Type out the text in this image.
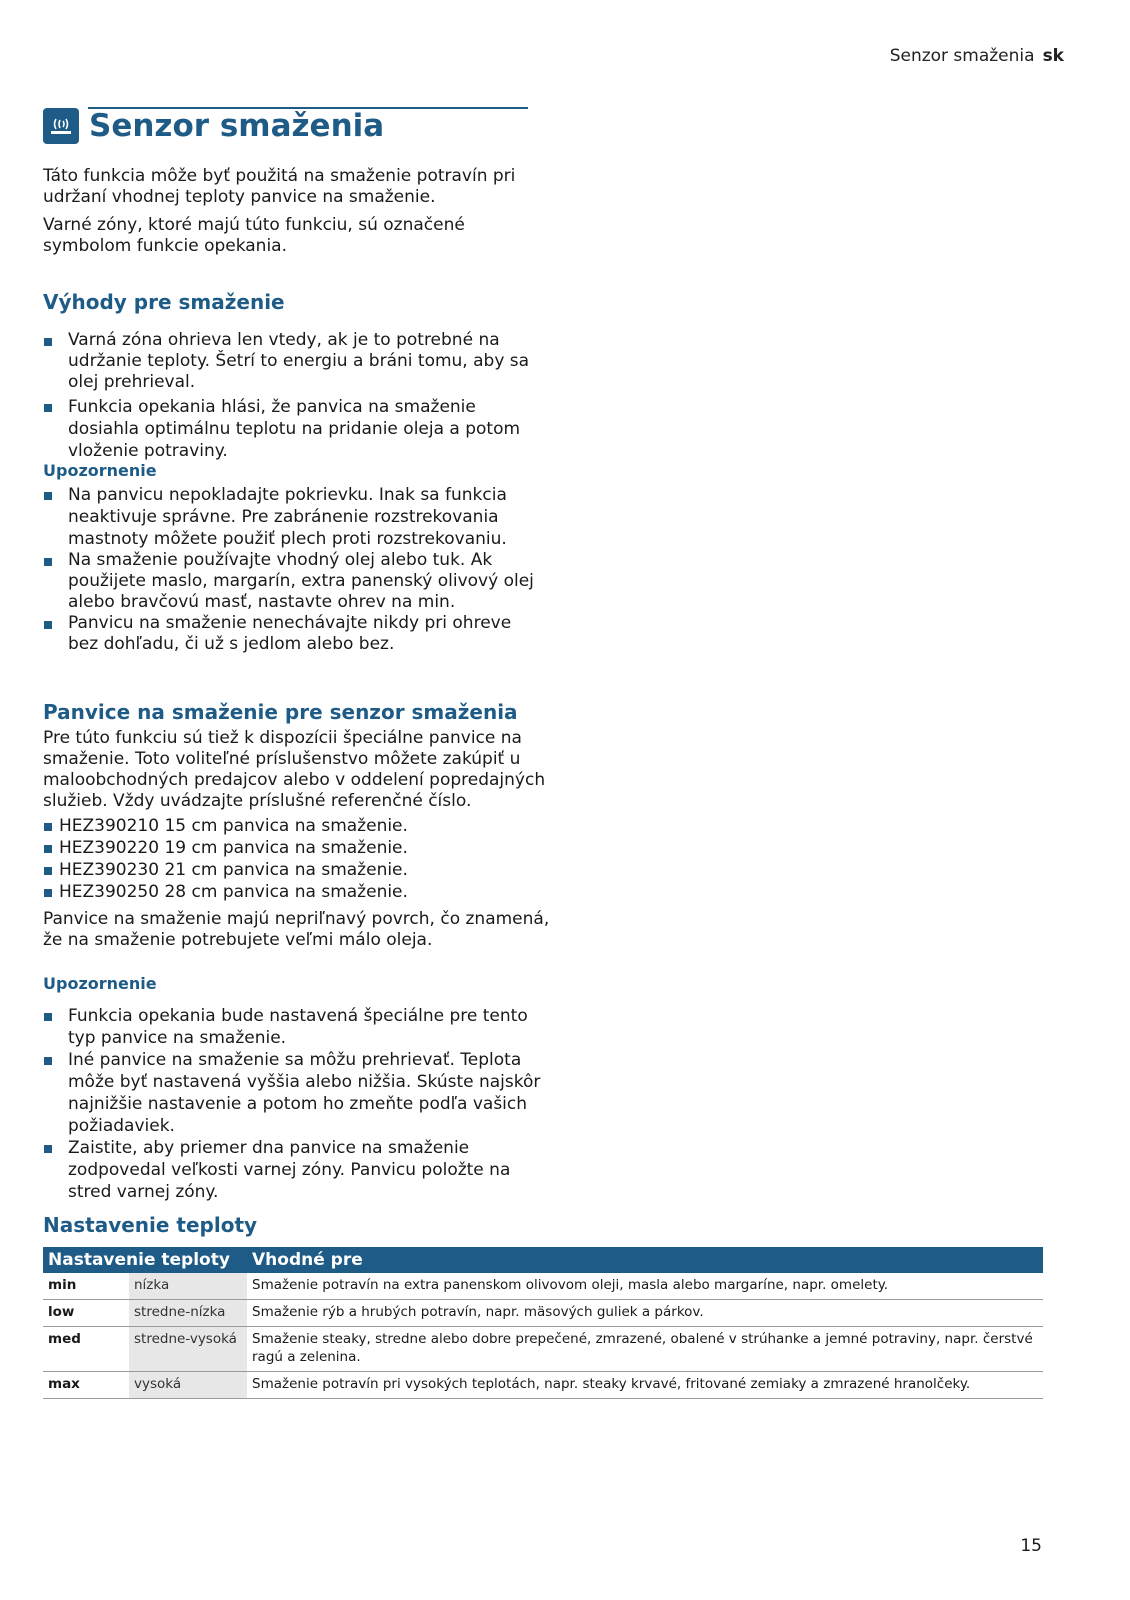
Senzor smaženia sk
Senzor smaženia

Táto funkcia môže byť použitá na smaženie potravín pri udržaní vhodnej teploty panvice na smaženie.

Varné zóny, ktoré majú túto funkciu, sú označené symbolom funkcie opekania.

Výhody pre smaženie
Varná zóna ohrieva len vtedy, ak je to potrebné na udržanie teploty. Šetrí to energiu a bráni tomu, aby sa olej prehrieval.
Funkcia opekania hlási, že panvica na smaženie dosiahla optimálnu teplotu na pridanie oleja a potom vloženie potraviny.
Upozornenie
Na panvicu nepokladajte pokrievku. Inak sa funkcia neaktivuje správne. Pre zabránenie rozstrekovania mastnoty môžete použiť plech proti rozstrekovaniu.
Na smaženie používajte vhodný olej alebo tuk. Ak použijete maslo, margarín, extra panenský olivový olej alebo bravčovú masť, nastavte ohrev na min.
Panvicu na smaženie nenechávajte nikdy pri ohreve bez dohľadu, či už s jedlom alebo bez.
Panvice na smaženie pre senzor smaženia

Pre túto funkciu sú tiež k dispozícii špeciálne panvice na smaženie. Toto voliteľné príslušenstvo môžete zakúpiť u maloobchodných predajcov alebo v oddelení popredajných služieb. Vždy uvádzajte príslušné referenčné číslo.

HEZ390210 15 cm panvica na smaženie.
HEZ390220 19 cm panvica na smaženie.
HEZ390230 21 cm panvica na smaženie.
HEZ390250 28 cm panvica na smaženie.

Panvice na smaženie majú nepriľnavý povrch, čo znamená, že na smaženie potrebujete veľmi málo oleja.

Upozornenie
Funkcia opekania bude nastavená špeciálne pre tento typ panvice na smaženie.
Iné panvice na smaženie sa môžu prehrievať. Teplota môže byť nastavená vyššia alebo nižšia. Skúste najskôr najnižšie nastavenie a potom ho zmeňte podľa vašich požiadaviek.
Zaistite, aby priemer dna panvice na smaženie zodpovedal veľkosti varnej zóny. Panvicu položte na stred varnej zóny.
Nastavenie teploty
Nastavenie teploty		Vhodné pre
min	nízka	Smaženie potravín na extra panenskom olivovom oleji, masla alebo margaríne, napr. omelety.
low	stredne-nízka	Smaženie rýb a hrubých potravín, napr. mäsových guliek a párkov.
med	stredne-vysoká	Smaženie steaky, stredne alebo dobre prepečené, zmrazené, obalené v strúhanke a jemné potraviny, napr. čerstvé ragú a zelenina.
max	vysoká	Smaženie potravín pri vysokých teplotách, napr. steaky krvavé, fritované zemiaky a zmrazené hranolčeky.
15
